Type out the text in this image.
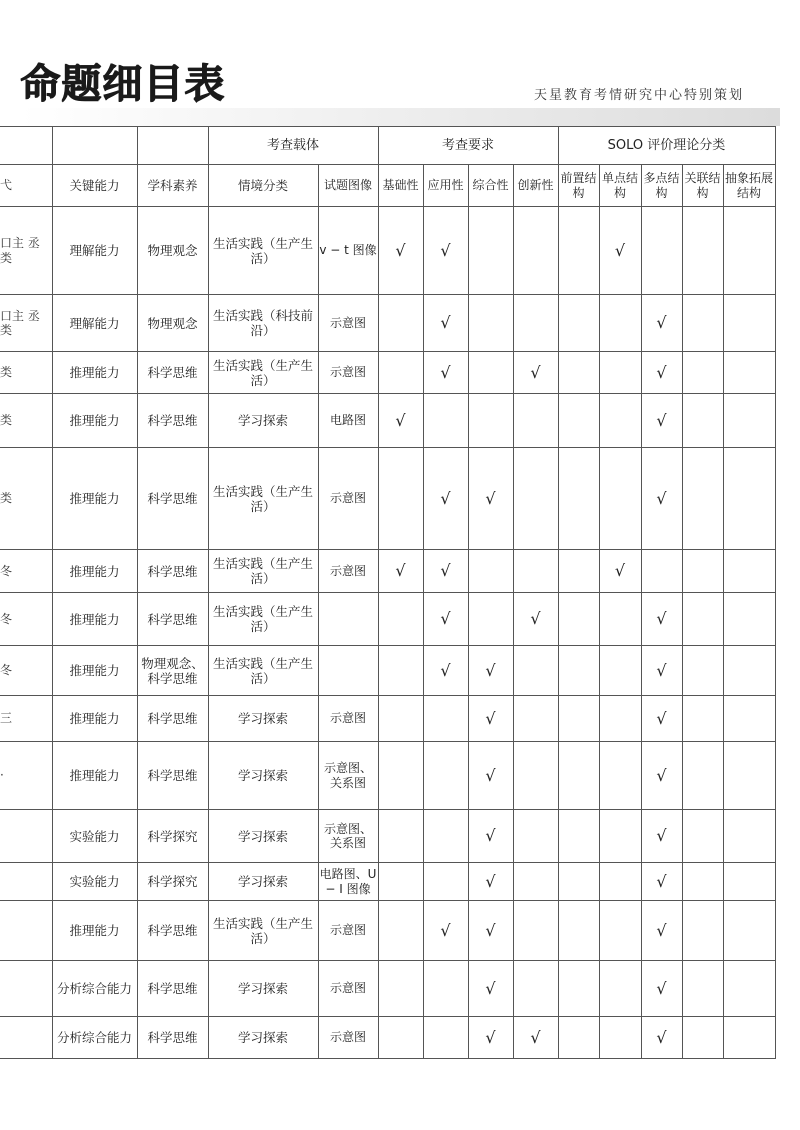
命题细目表	天星教育考情研究中心特别策划
			考查载体		考查要求				SOLO 评价理论分类				
弋	关键能力	学科素养	情境分类	试题图像	基础性	应用性	综合性	创新性	前置结构	单点结构	多点结构	关联结构	抽象拓展结构
口主 丞类	理解能力	物理观念	生活实践（生产生活）	v − t 图像	√	√				√			
口主 丞类	理解能力	物理观念	生活实践（科技前沿）	示意图		√					√		
类	推理能力	科学思维	生活实践（生产生活）	示意图		√		√			√		
类	推理能力	科学思维	学习探索	电路图	√						√		
类	推理能力	科学思维	生活实践（生产生活）	示意图		√	√				√		
冬	推理能力	科学思维	生活实践（生产生活）	示意图	√	√				√			
冬	推理能力	科学思维	生活实践（生产生活）			√		√			√		
冬	推理能力	物理观念、科学思维	生活实践（生产生活）			√	√				√		
三	推理能力	科学思维	学习探索	示意图			√				√		
·	推理能力	科学思维	学习探索	示意图、关系图			√				√		
	实验能力	科学探究	学习探索	示意图、关系图			√				√		
	实验能力	科学探究	学习探索	电路图、U − I 图像			√				√		
	推理能力	科学思维	生活实践（生产生活）	示意图		√	√				√		
	分析综合能力	科学思维	学习探索	示意图			√				√		
	分析综合能力	科学思维	学习探索	示意图			√	√			√		
